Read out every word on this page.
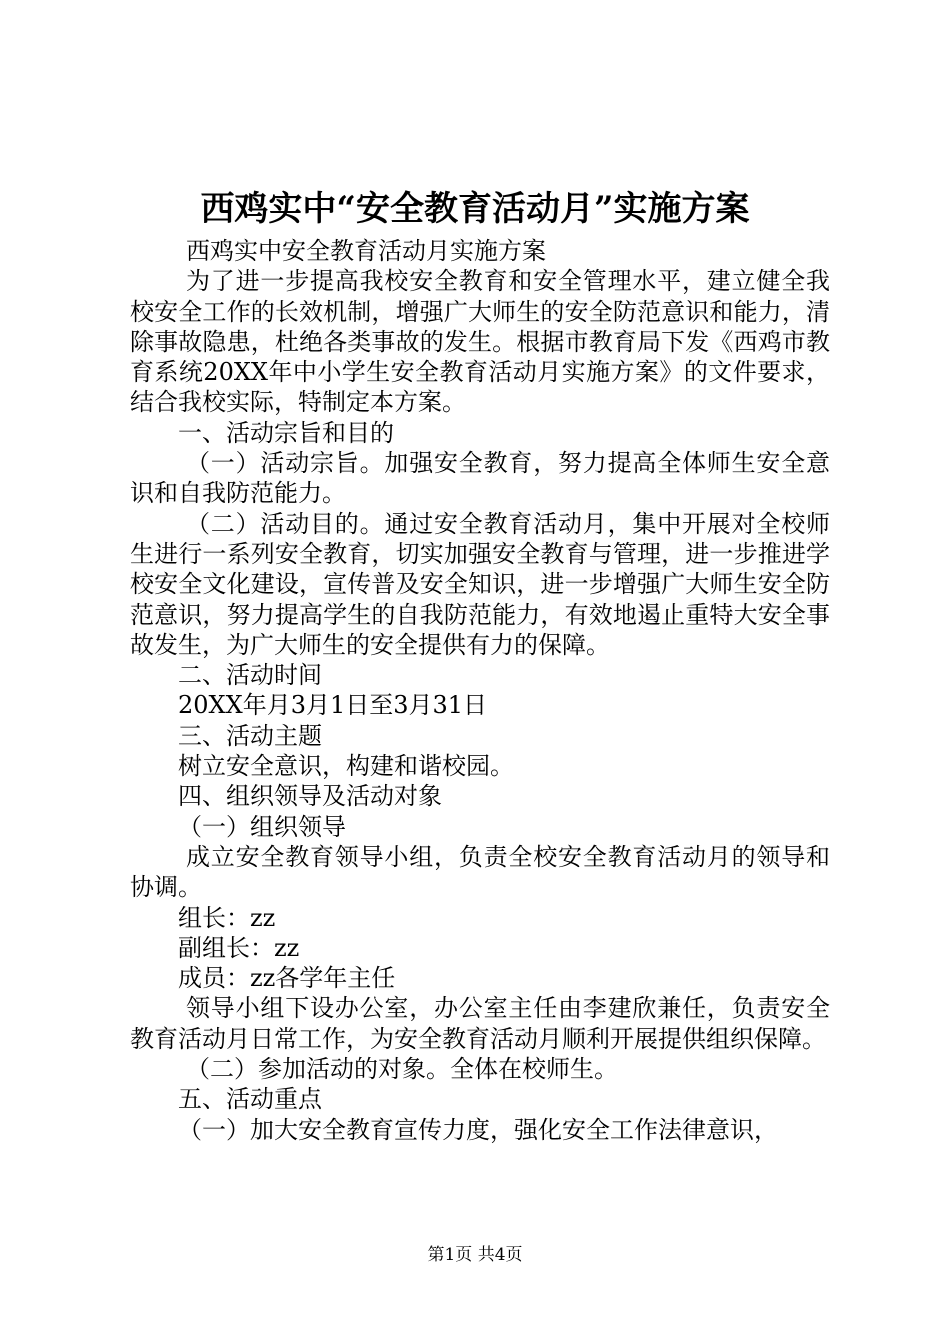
西鸡实中“安全教育活动月”实施方案

西鸡实中安全教育活动月实施方案

为了进一步提高我校安全教育和安全管理水平，建立健全我校安全工作的长效机制，增强广大师生的安全防范意识和能力，清除事故隐患，杜绝各类事故的发生。根据市教育局下发《西鸡市教育系统20XX年中小学生安全教育活动月实施方案》的文件要求，结合我校实际，特制定本方案。

一、活动宗旨和目的

（一）活动宗旨。加强安全教育，努力提高全体师生安全意识和自我防范能力。

（二）活动目的。通过安全教育活动月，集中开展对全校师生进行一系列安全教育，切实加强安全教育与管理，进一步推进学校安全文化建设，宣传普及安全知识，进一步增强广大师生安全防范意识，努力提高学生的自我防范能力，有效地遏止重特大安全事故发生，为广大师生的安全提供有力的保障。

二、活动时间

20XX年月3月1日至3月31日

三、活动主题

树立安全意识，构建和谐校园。

四、组织领导及活动对象

（一）组织领导

成立安全教育领导小组，负责全校安全教育活动月的领导和协调。

组长：zz

副组长：zz

成员：zz各学年主任

领导小组下设办公室，办公室主任由李建欣兼任，负责安全教育活动月日常工作，为安全教育活动月顺利开展提供组织保障。

（二）参加活动的对象。全体在校师生。

五、活动重点

（一）加大安全教育宣传力度，强化安全工作法律意识，

第1页 共4页
